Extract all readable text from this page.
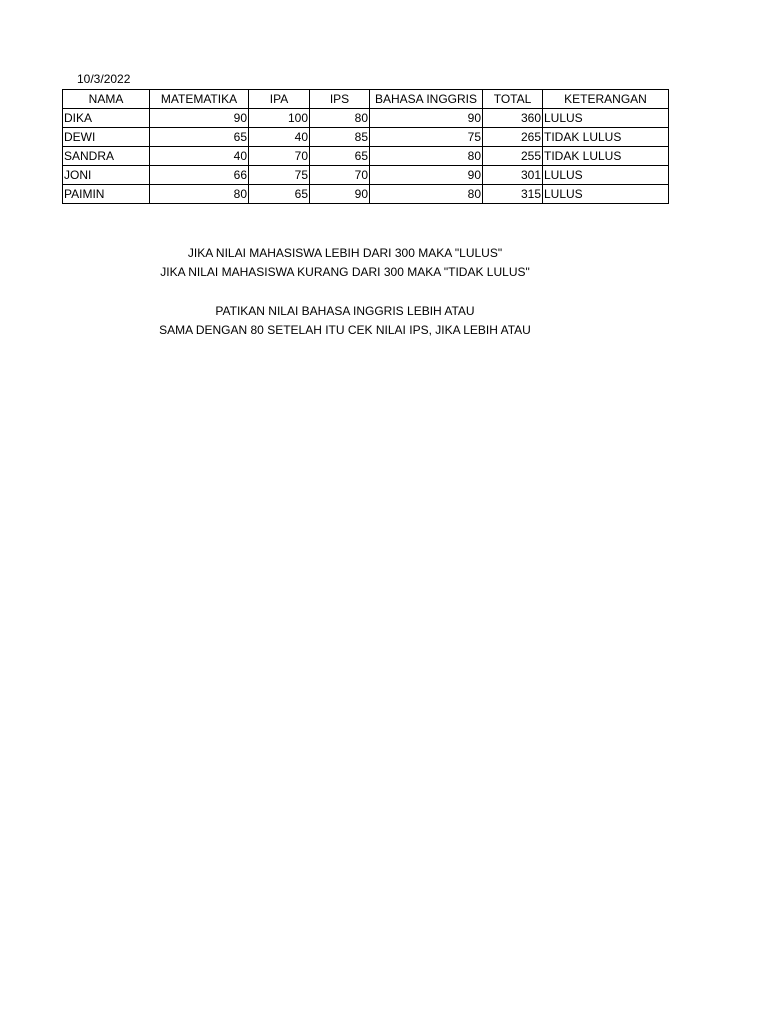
10/3/2022
NAMA	MATEMATIKA	IPA	IPS	BAHASA INGGRIS	TOTAL	KETERANGAN
DIKA	90	100	80	90	360	LULUS
DEWI	65	40	85	75	265	TIDAK LULUS
SANDRA	40	70	65	80	255	TIDAK LULUS
JONI	66	75	70	90	301	LULUS
PAIMIN	80	65	90	80	315	LULUS
JIKA NILAI MAHASISWA LEBIH DARI 300 MAKA "LULUS"
JIKA NILAI MAHASISWA KURANG DARI 300 MAKA "TIDAK LULUS"
PATIKAN NILAI BAHASA INGGRIS LEBIH ATAU
SAMA DENGAN 80 SETELAH ITU CEK NILAI IPS, JIKA LEBIH ATAU
